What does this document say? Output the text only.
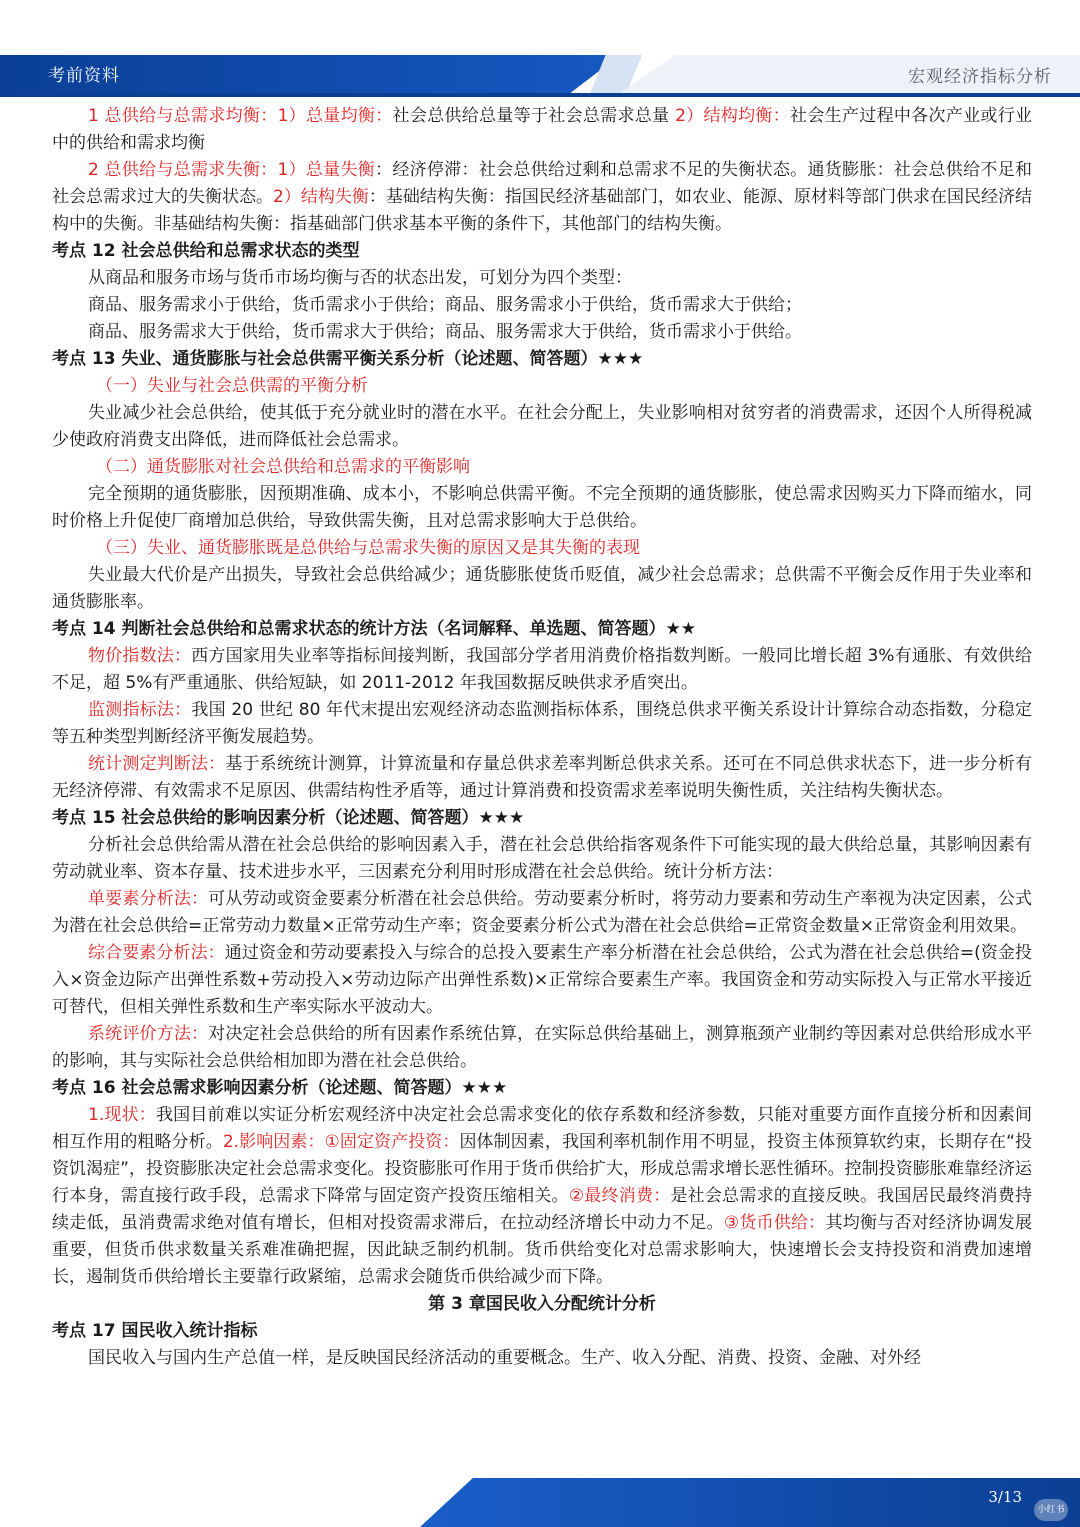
考前资料	宏观经济指标分析

1 总供给与总需求均衡：1）总量均衡：社会总供给总量等于社会总需求总量 2）结构均衡：社会生产过程中各次产业或行业中的供给和需求均衡

2 总供给与总需求失衡：1）总量失衡：经济停滞：社会总供给过剩和总需求不足的失衡状态。通货膨胀：社会总供给不足和社会总需求过大的失衡状态。2）结构失衡：基础结构失衡：指国民经济基础部门，如农业、能源、原材料等部门供求在国民经济结构中的失衡。非基础结构失衡：指基础部门供求基本平衡的条件下，其他部门的结构失衡。

考点 12 社会总供给和总需求状态的类型

从商品和服务市场与货币市场均衡与否的状态出发，可划分为四个类型：

商品、服务需求小于供给，货币需求小于供给；商品、服务需求小于供给，货币需求大于供给；

商品、服务需求大于供给，货币需求大于供给；商品、服务需求大于供给，货币需求小于供给。

考点 13 失业、通货膨胀与社会总供需平衡关系分析（论述题、简答题）★★★

（一）失业与社会总供需的平衡分析

失业减少社会总供给，使其低于充分就业时的潜在水平。在社会分配上，失业影响相对贫穷者的消费需求，还因个人所得税减少使政府消费支出降低，进而降低社会总需求。

（二）通货膨胀对社会总供给和总需求的平衡影响

完全预期的通货膨胀，因预期准确、成本小，不影响总供需平衡。不完全预期的通货膨胀，使总需求因购买力下降而缩水，同时价格上升促使厂商增加总供给，导致供需失衡，且对总需求影响大于总供给。

（三）失业、通货膨胀既是总供给与总需求失衡的原因又是其失衡的表现

失业最大代价是产出损失，导致社会总供给减少；通货膨胀使货币贬值，减少社会总需求；总供需不平衡会反作用于失业率和通货膨胀率。

考点 14 判断社会总供给和总需求状态的统计方法（名词解释、单选题、简答题）★★

物价指数法：西方国家用失业率等指标间接判断，我国部分学者用消费价格指数判断。一般同比增长超 3%有通胀、有效供给不足，超 5%有严重通胀、供给短缺，如 2011-2012 年我国数据反映供求矛盾突出。

监测指标法：我国 20 世纪 80 年代末提出宏观经济动态监测指标体系，围绕总供求平衡关系设计计算综合动态指数，分稳定等五种类型判断经济平衡发展趋势。

统计测定判断法：基于系统统计测算，计算流量和存量总供求差率判断总供求关系。还可在不同总供求状态下，进一步分析有无经济停滞、有效需求不足原因、供需结构性矛盾等，通过计算消费和投资需求差率说明失衡性质，关注结构失衡状态。

考点 15 社会总供给的影响因素分析（论述题、简答题）★★★

分析社会总供给需从潜在社会总供给的影响因素入手，潜在社会总供给指客观条件下可能实现的最大供给总量，其影响因素有劳动就业率、资本存量、技术进步水平，三因素充分利用时形成潜在社会总供给。统计分析方法：

单要素分析法：可从劳动或资金要素分析潜在社会总供给。劳动要素分析时，将劳动力要素和劳动生产率视为决定因素，公式为潜在社会总供给=正常劳动力数量×正常劳动生产率；资金要素分析公式为潜在社会总供给=正常资金数量×正常资金利用效果。

综合要素分析法：通过资金和劳动要素投入与综合的总投入要素生产率分析潜在社会总供给，公式为潜在社会总供给=(资金投入×资金边际产出弹性系数+劳动投入×劳动边际产出弹性系数)×正常综合要素生产率。我国资金和劳动实际投入与正常水平接近可替代，但相关弹性系数和生产率实际水平波动大。

系统评价方法：对决定社会总供给的所有因素作系统估算，在实际总供给基础上，测算瓶颈产业制约等因素对总供给形成水平的影响，其与实际社会总供给相加即为潜在社会总供给。

考点 16 社会总需求影响因素分析（论述题、简答题）★★★

1.现状：我国目前难以实证分析宏观经济中决定社会总需求变化的依存系数和经济参数，只能对重要方面作直接分析和因素间相互作用的粗略分析。2.影响因素：①固定资产投资：因体制因素，我国利率机制作用不明显，投资主体预算软约束，长期存在“投资饥渴症”，投资膨胀决定社会总需求变化。投资膨胀可作用于货币供给扩大，形成总需求增长恶性循环。控制投资膨胀难靠经济运行本身，需直接行政手段，总需求下降常与固定资产投资压缩相关。②最终消费：是社会总需求的直接反映。我国居民最终消费持续走低，虽消费需求绝对值有增长，但相对投资需求滞后，在拉动经济增长中动力不足。③货币供给：其均衡与否对经济协调发展重要，但货币供求数量关系难准确把握，因此缺乏制约机制。货币供给变化对总需求影响大，快速增长会支持投资和消费加速增长，遏制货币供给增长主要靠行政紧缩，总需求会随货币供给减少而下降。

第 3 章国民收入分配统计分析

考点 17 国民收入统计指标

国民收入与国内生产总值一样，是反映国民经济活动的重要概念。生产、收入分配、消费、投资、金融、对外经

3/13
小红书
